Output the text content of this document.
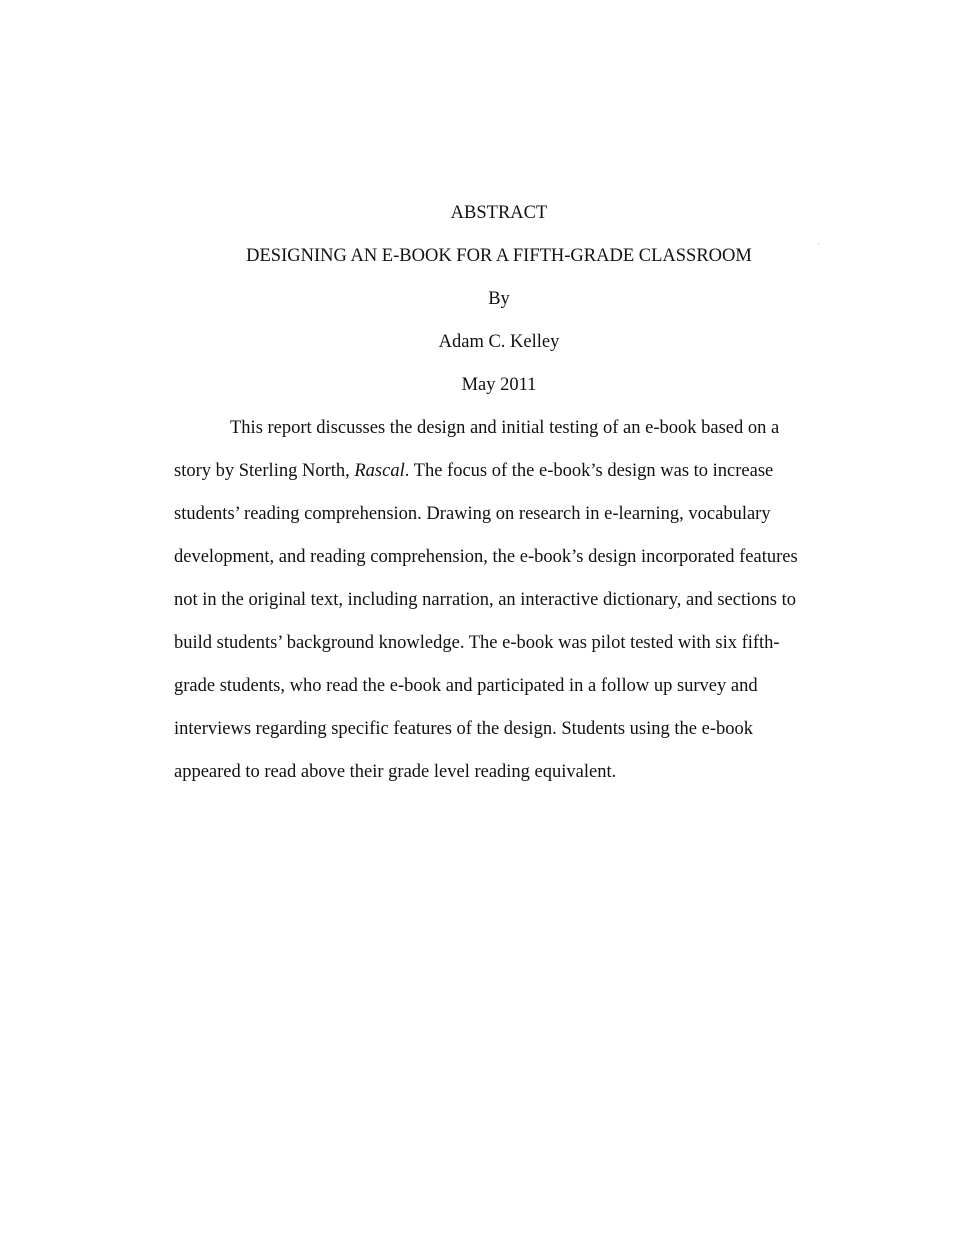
ABSTRACT
DESIGNING AN E-BOOK FOR A FIFTH-GRADE CLASSROOM
By
Adam C. Kelley
May 2011
This report discusses the design and initial testing of an e-book based on a
story by Sterling North, Rascal. The focus of the e-book’s design was to increase
students’ reading comprehension. Drawing on research in e-learning, vocabulary
development, and reading comprehension, the e-book’s design incorporated features
not in the original text, including narration, an interactive dictionary, and sections to
build students’ background knowledge. The e-book was pilot tested with six fifth-
grade students, who read the e-book and participated in a follow up survey and
interviews regarding specific features of the design. Students using the e-book
appeared to read above their grade level reading equivalent.
